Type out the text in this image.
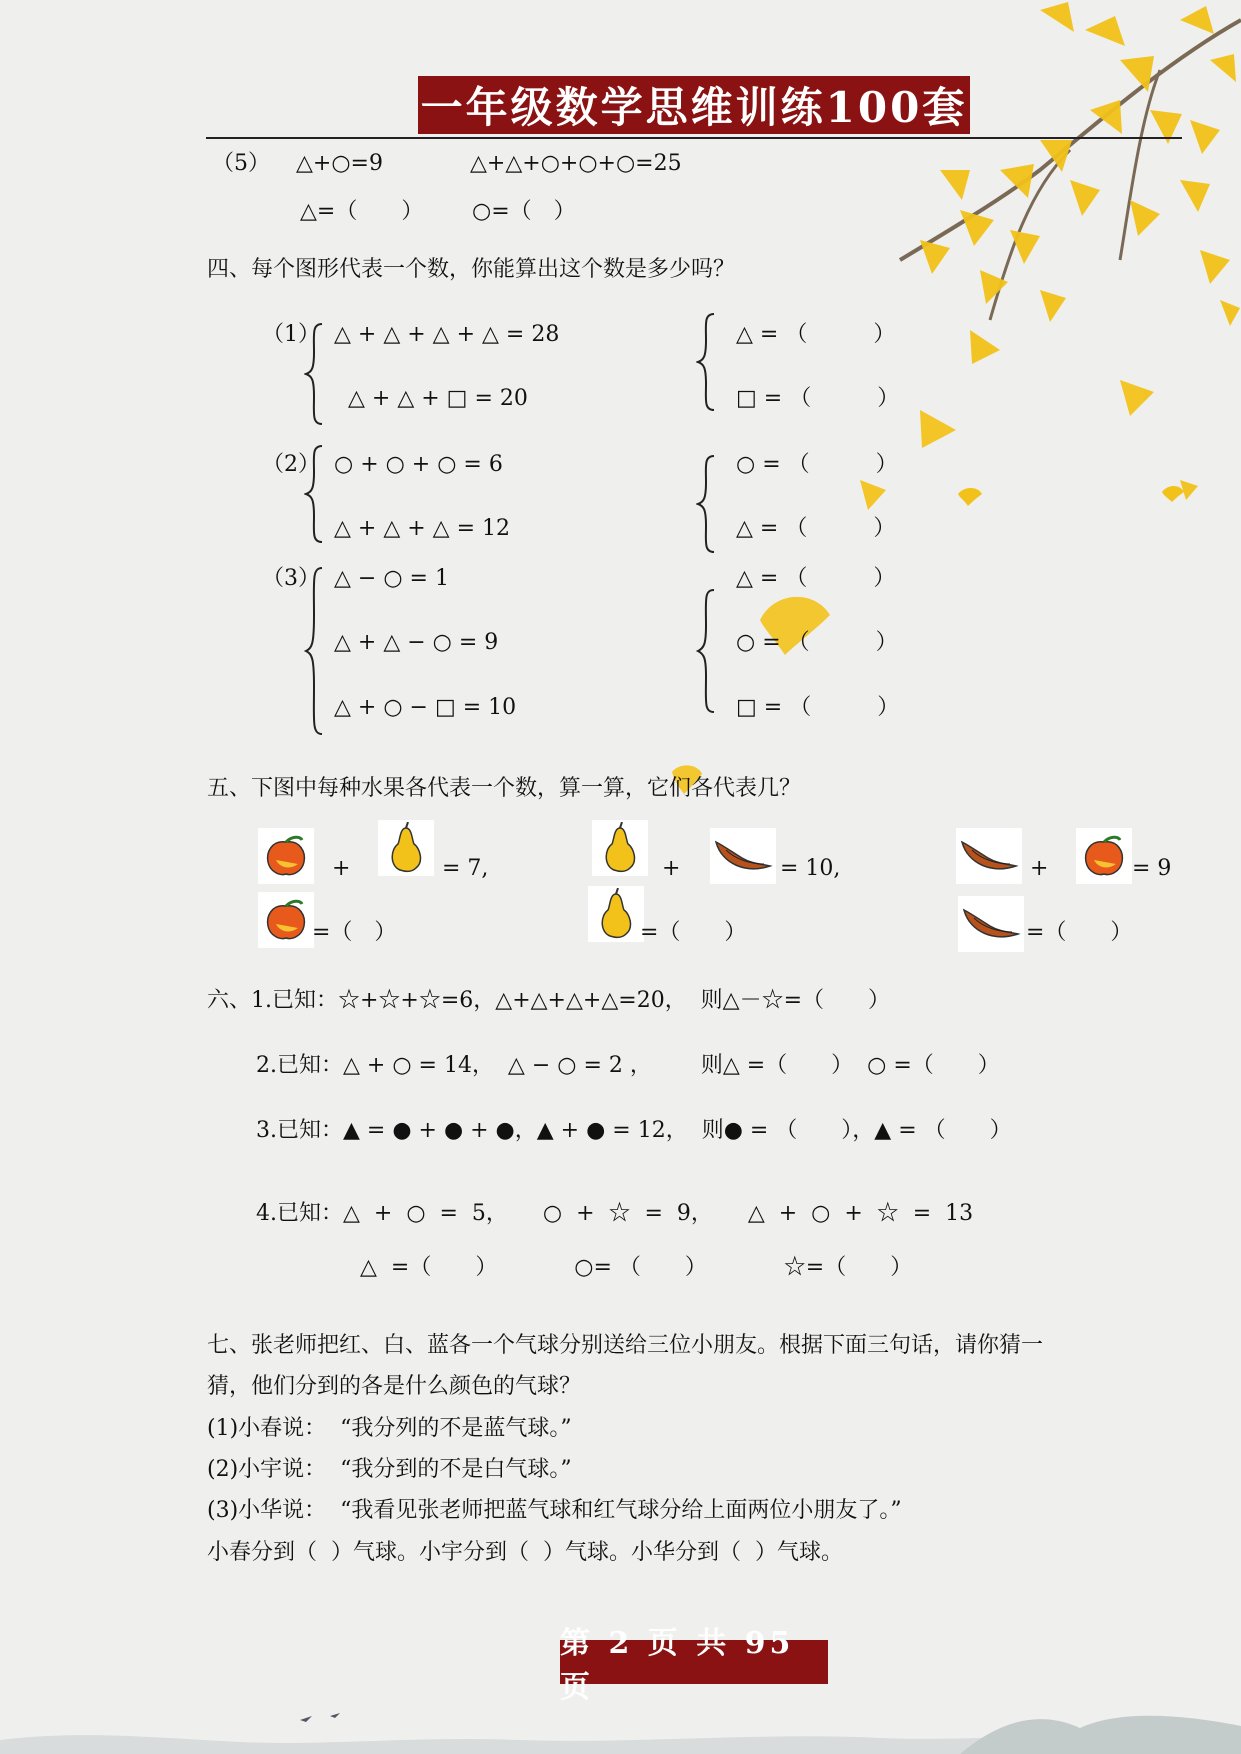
一年级数学思维训练100套
（5） △+○=9	△+△+○+○+○=25
△=（　　） ○=（　）
四、每个图形代表一个数，你能算出这个数是多少吗？
（1） △ + △ + △ + △ = 28
△ + △ + □ = 20
△ = （　　　）
□ = （　　　）
（2） ○ + ○ + ○ = 6
△ + △ + △ = 12
○ = （　　　）
△ = （　　　）
（3） △ − ○ = 1
△ + △ − ○ = 9
△ + ○ − □ = 10
△ = （　　　）
○ = （　　　）
□ = （　　　）
五、下图中每种水果各代表一个数，算一算，它们各代表几？
+	= 7,	+	= 10,	+	= 9
=（　）	=（　　）	=（　　）
六、1.已知：☆+☆+☆=6，△+△+△+△=20，  则△－☆=（　　）
2.已知：△ + ○ = 14，  △ − ○ = 2 ，       则△ =（　　）  ○ =（　　）
3.已知：▲ = ● + ● + ●，▲ + ● = 12，  则● = （　　），▲ = （　　）
4.已知：△  +  ○  =  5，     ○  +  ☆  =  9，     △  +  ○  +  ☆  =  13
△  =（　　）           ○= （　　）           ☆=（　　）
七、张老师把红、白、蓝各一个气球分别送给三位小朋友。根据下面三句话，请你猜一
猜，他们分到的各是什么颜色的气球？
(1)小春说：  “我分列的不是蓝气球。”
(2)小宇说：  “我分到的不是白气球。”
(3)小华说：  “我看见张老师把蓝气球和红气球分给上面两位小朋友了。”
小春分到（  ）气球。小宇分到（  ）气球。小华分到（  ）气球。
第 2 页 共 95 页
